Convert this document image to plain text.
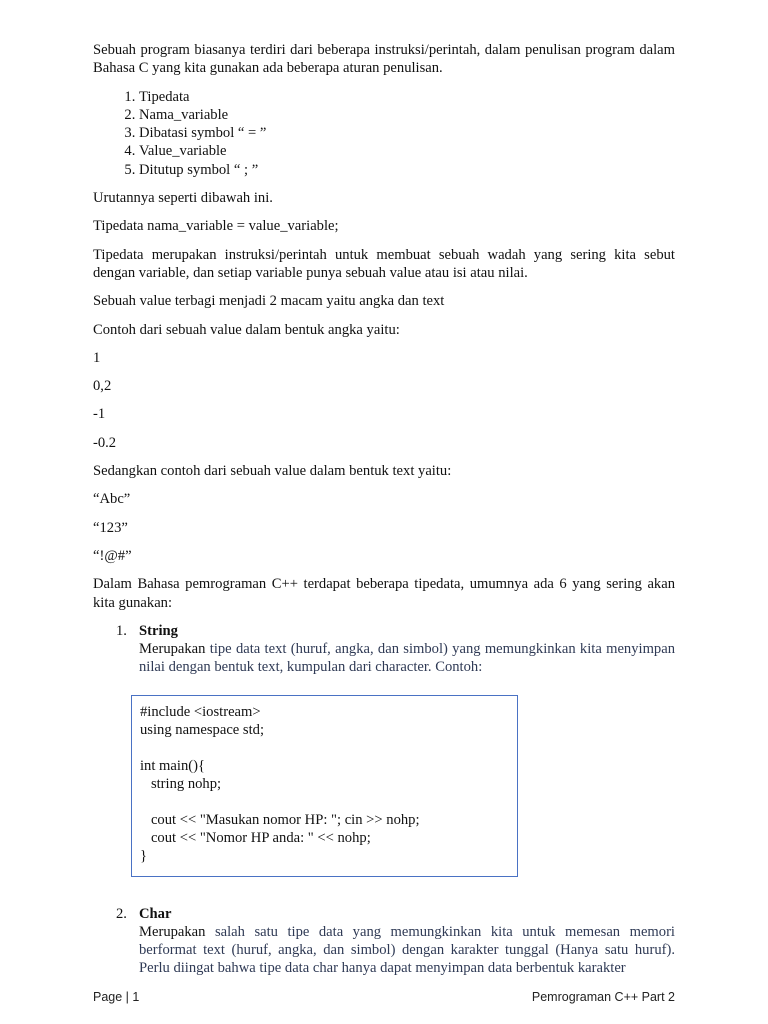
Sebuah program biasanya terdiri dari beberapa instruksi/perintah, dalam penulisan program dalam Bahasa C yang kita gunakan ada beberapa aturan penulisan.

1. Tipedata
2. Nama_variable
3. Dibatasi symbol “ = ”
4. Value_variable
5. Ditutup symbol “ ; ”

Urutannya seperti dibawah ini.

Tipedata nama_variable = value_variable;

Tipedata merupakan instruksi/perintah untuk membuat sebuah wadah yang sering kita sebut dengan variable, dan setiap variable punya sebuah value atau isi atau nilai.

Sebuah value terbagi menjadi 2 macam yaitu angka dan text

Contoh dari sebuah value dalam bentuk angka yaitu:

1

0,2

-1

-0.2

Sedangkan contoh dari sebuah value dalam bentuk text yaitu:

“Abc”

“123”

“!@#”

Dalam Bahasa pemrograman C++ terdapat beberapa tipedata, umumnya ada 6 yang sering akan kita gunakan:

1. String
Merupakan tipe data text (huruf, angka, dan simbol) yang memungkinkan kita menyimpan nilai dengan bentuk text, kumpulan dari character. Contoh:
#include <iostream>
using namespace std;

int main(){
string nohp;

cout << "Masukan nomor HP: "; cin >> nohp;
cout << "Nomor HP anda: " << nohp;
}
2. Char
Merupakan salah satu tipe data yang memungkinkan kita untuk memesan memori berformat text (huruf, angka, dan simbol) dengan karakter tunggal (Hanya satu huruf). Perlu diingat bahwa tipe data char hanya dapat menyimpan data berbentuk karakter
Page | 1	Pemrograman C++ Part 2
